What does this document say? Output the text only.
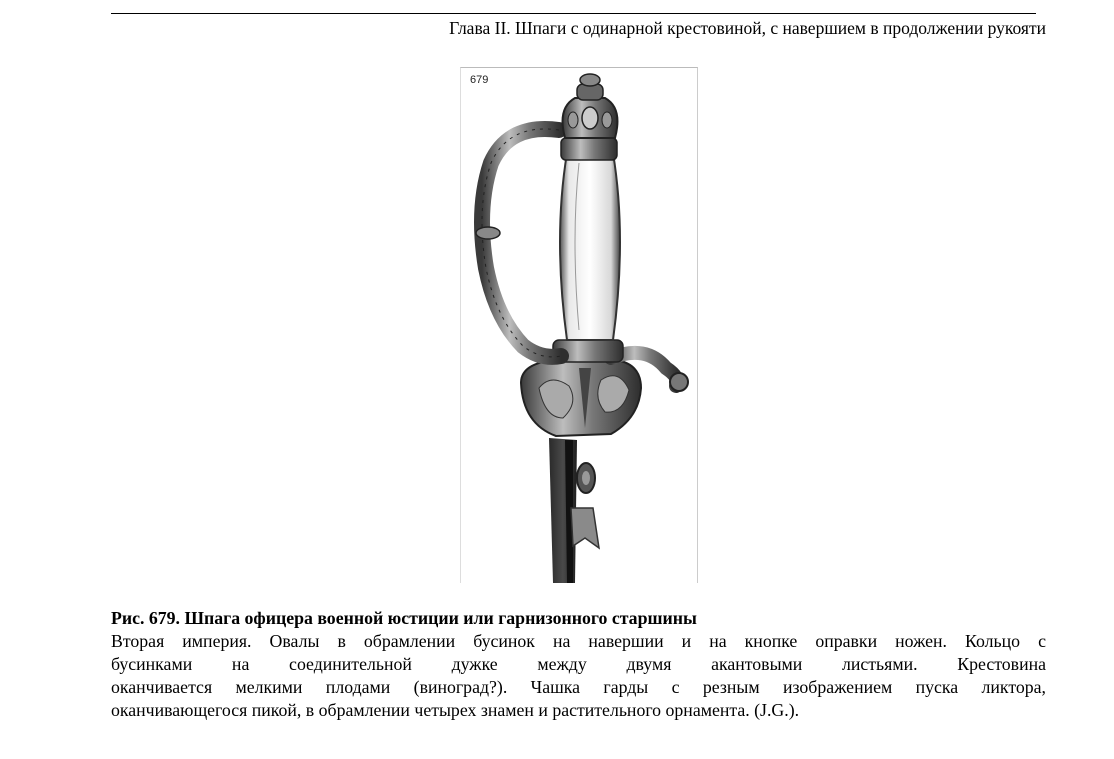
Глава II. Шпаги с одинарной крестовиной, с навершием в продолжении рукояти
679
Рис. 679. Шпага офицера военной юстиции или гарнизонного старшины
Вторая империя. Овалы в обрамлении бусинок на навершии и на кнопке оправки ножен. Кольцо с
бусинками на соединительной дужке между двумя акантовыми листьями. Крестовина
оканчивается мелкими плодами (виноград?). Чашка гарды с резным изображением пуска ликтора,
оканчивающегося пикой, в обрамлении четырех знамен и растительного орнамента. (J.G.).
